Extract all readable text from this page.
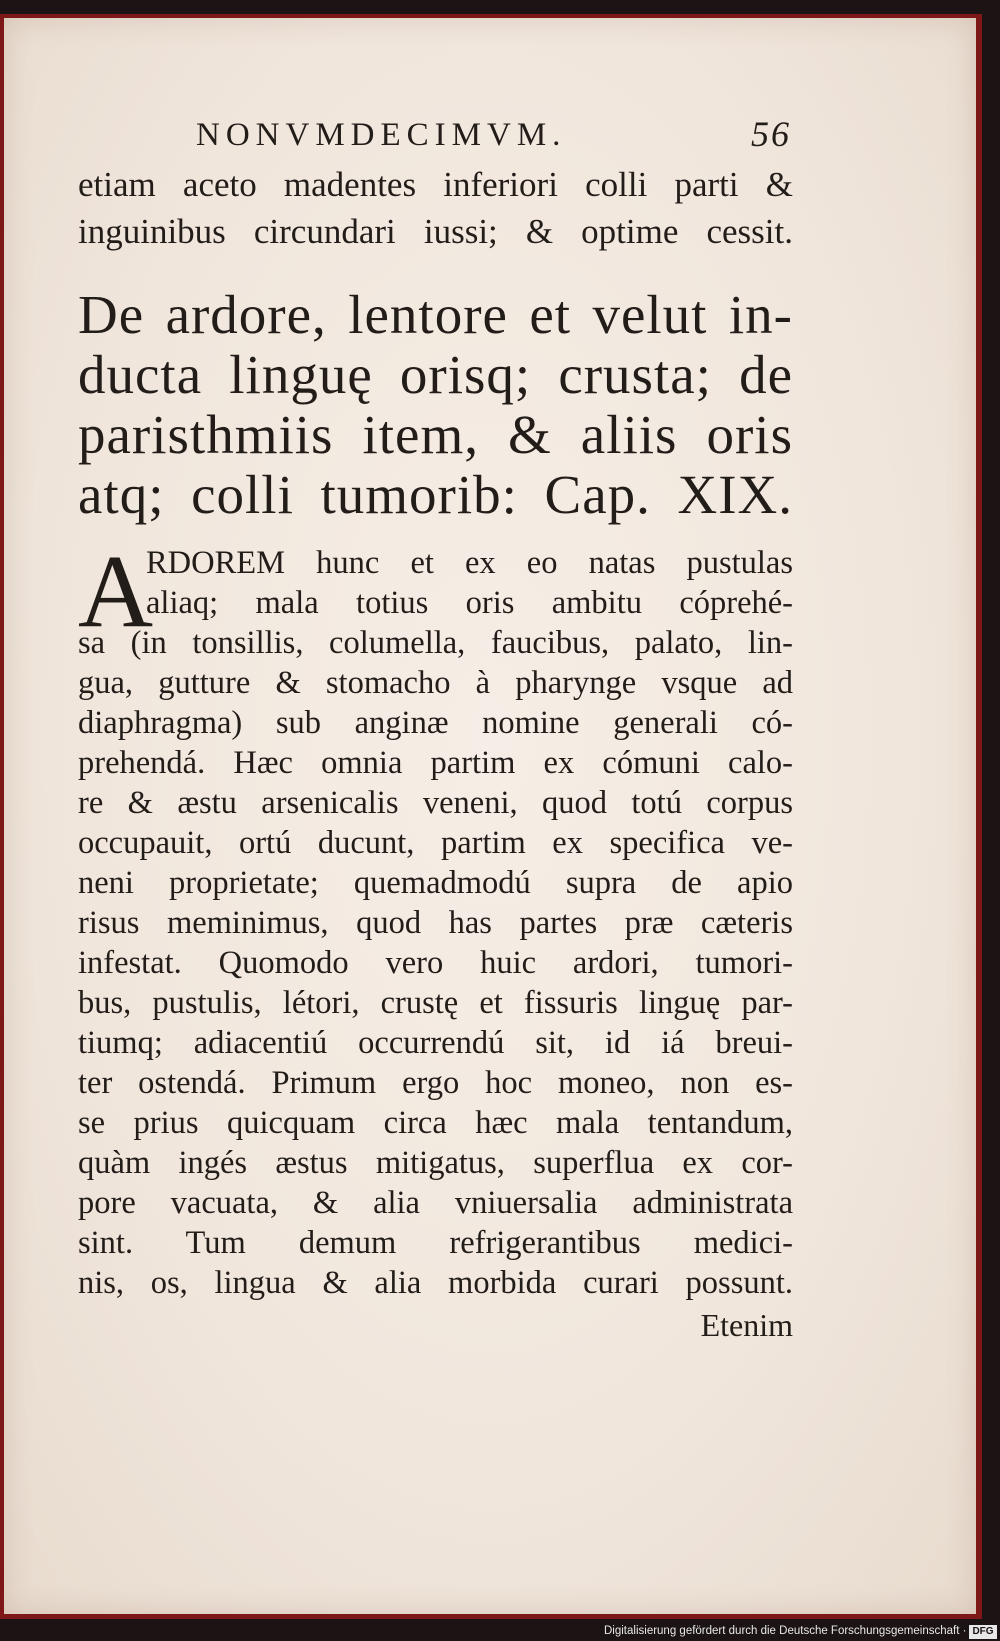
NONVMDECIMVM.	56
etiam aceto madentes inferiori colli parti &
inguinibus circundari iussi; & optime cessit.
De ardore, lentore et velut in-
ducta linguę orisq; crusta; de
paristhmiis item, & aliis oris
atq; colli tumorib: Cap. XIX.
A
RDOREM hunc et ex eo natas pustulas
aliaq; mala totius oris ambitu cóprehé-
sa (in tonsillis, columella, faucibus, palato, lin-
gua, gutture & stomacho à pharynge vsque ad
diaphragma) sub anginæ nomine generali có-
prehendá. Hæc omnia partim ex cómuni calo-
re & æstu arsenicalis veneni, quod totú corpus
occupauit, ortú ducunt, partim ex specifica ve-
neni proprietate; quemadmodú supra de apio
risus meminimus, quod has partes præ cæteris
infestat. Quomodo vero huic ardori, tumori-
bus, pustulis, létori, crustę et fissuris linguę par-
tiumq; adiacentiú occurrendú sit, id iá breui-
ter ostendá. Primum ergo hoc moneo, non es-
se prius quicquam circa hæc mala tentandum,
quàm ingés æstus mitigatus, superflua ex cor-
pore vacuata, & alia vniuersalia administrata
sint. Tum demum refrigerantibus medici-
nis, os, lingua & alia morbida curari possunt.
Etenim
Digitalisierung gefördert durch die Deutsche Forschungsgemeinschaft · DFG
